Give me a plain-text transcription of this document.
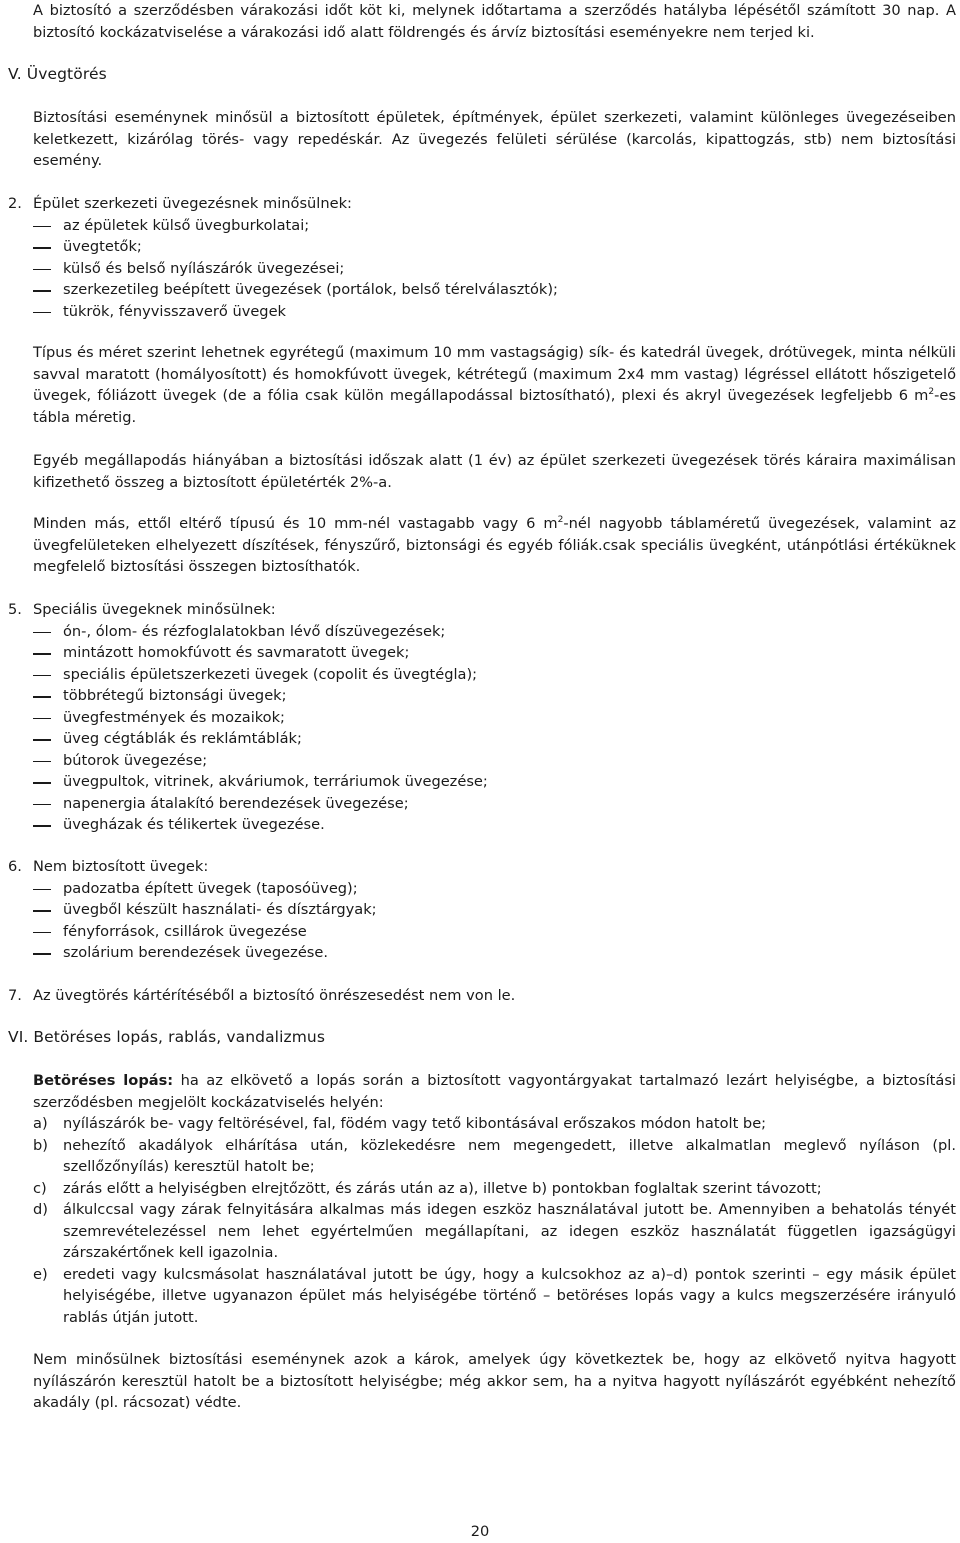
A biztosító a szerződésben várakozási időt köt ki, melynek időtartama a szerződés hatályba lépésétől számított 30 nap. A biztosító kockázatviselése a várakozási idő alatt földrengés és árvíz biztosítási eseményekre nem terjed ki.

V. Üvegtörés

Biztosítási eseménynek minősül a biztosított épületek, építmények, épület szerkezeti, valamint különleges üvegezéseiben keletkezett, kizárólag törés- vagy repedéskár. Az üvegezés felületi sérülése (karcolás, kipattogzás, stb) nem biztosítási esemény.

2. Épület szerkezeti üvegezésnek minősülnek:

az épületek külső üvegburkolatai;
üvegtetők;
külső és belső nyílászárók üvegezései;
szerkezetileg beépített üvegezések (portálok, belső térelválasztók);
tükrök, fényvisszaverő üvegek

Típus és méret szerint lehetnek egyrétegű (maximum 10 mm vastagságig) sík- és katedrál üvegek, drótüvegek, minta nélküli savval maratott (homályosított) és homokfúvott üvegek, kétrétegű (maximum 2x4 mm vastag) légréssel ellátott hőszigetelő üvegek, fóliázott üvegek (de a fólia csak külön megállapodással biztosítható), plexi és akryl üvegezések legfeljebb 6 $m^2-es$ tábla méretig.

Egyéb megállapodás hiányában a biztosítási időszak alatt (1 év) az épület szerkezeti üvegezések törés káraira maximálisan kifizethető összeg a biztosított épületérték 2%-a.

Minden más, ettől eltérő típusú és 10 mm-nél vastagabb vagy 6 $m^2$-nél nagyobb táblaméretű üvegezések, valamint az üvegfelületeken elhelyezett díszítések, fényszűrő, biztonsági és egyéb fóliák.csak speciális üvegként, utánpótlási értéküknek megfelelő biztosítási összegen biztosíthatók.

5. Speciális üvegeknek minősülnek:

ón-, ólom- és rézfoglalatokban lévő díszüvegezések;
mintázott homokfúvott és savmaratott üvegek;
speciális épületszerkezeti üvegek (copolit és üvegtégla);
többrétegű biztonsági üvegek;
üvegfestmények és mozaikok;
üveg cégtáblák és reklámtáblák;
bútorok üvegezése;
üvegpultok, vitrinek, akváriumok, terráriumok üvegezése;
napenergia átalakító berendezések üvegezése;
üvegházak és télikertek üvegezése.

6. Nem biztosított üvegek:

padozatba épített üvegek (taposóüveg);
üvegből készült használati- és dísztárgyak;
fényforrások, csillárok üvegezése
szolárium berendezések üvegezése.

7. Az üvegtörés kártérítéséből a biztosító önrészesedést nem von le.

VI. Betöréses lopás, rablás, vandalizmus

Betöréses lopás: ha az elkövető a lopás során a biztosított vagyontárgyakat tartalmazó lezárt helyiségbe, a biztosítási szerződésben megjelölt kockázatviselés helyén:

a) nyílászárók be- vagy feltörésével, fal, födém vagy tető kibontásával erőszakos módon hatolt be;
b) nehezítő akadályok elhárítása után, közlekedésre nem megengedett, illetve alkalmatlan meglevő nyíláson (pl. szellőzőnyílás) keresztül hatolt be;
c) zárás előtt a helyiségben elrejtőzött, és zárás után az a), illetve b) pontokban foglaltak szerint távozott;
d) álkulccsal vagy zárak felnyitására alkalmas más idegen eszköz használatával jutott be. Amennyiben a behatolás tényét szemrevételezéssel nem lehet egyértelműen megállapítani, az idegen eszköz használatát független igazságügyi zárszakértőnek kell igazolnia.
e) eredeti vagy kulcsmásolat használatával jutott be úgy, hogy a kulcsokhoz az a)–d) pontok szerinti – egy másik épület helyiségébe, illetve ugyanazon épület más helyiségébe történő – betöréses lopás vagy a kulcs megszerzésére irányuló rablás útján jutott.

Nem minősülnek biztosítási eseménynek azok a károk, amelyek úgy következtek be, hogy az elkövető nyitva hagyott nyílászárón keresztül hatolt be a biztosított helyiségbe; még akkor sem, ha a nyitva hagyott nyílászárót egyébként nehezítő akadály (pl. rácsozat) védte.

20
